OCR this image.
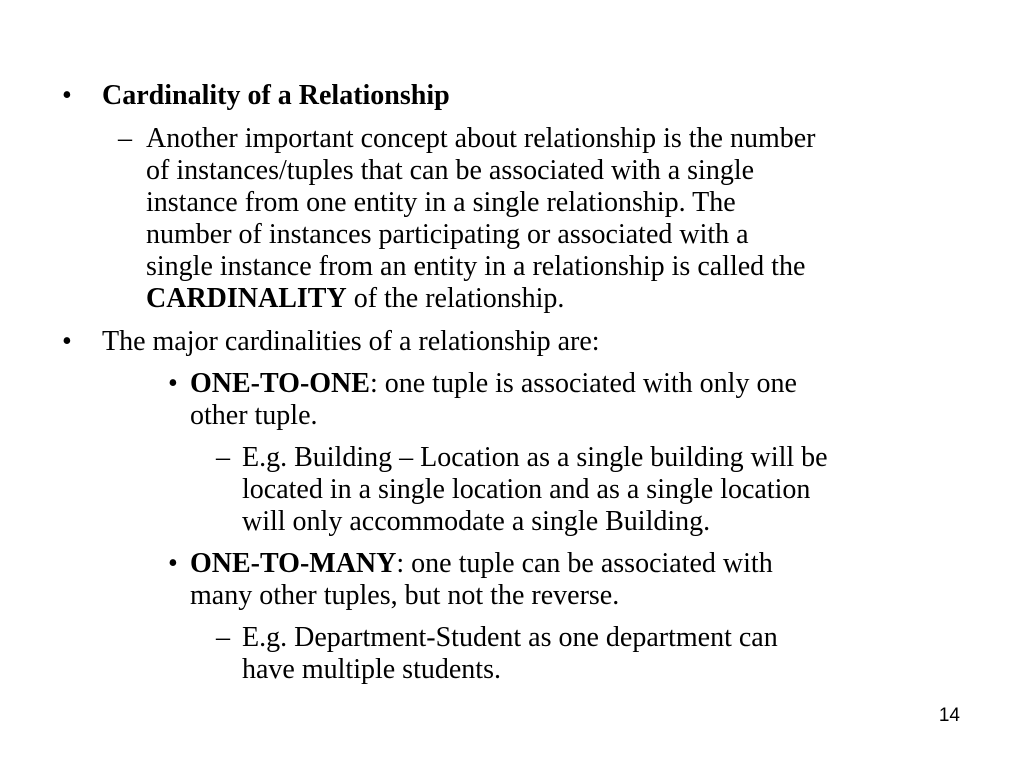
• Cardinality of a Relationship
– Another important concept about relationship is the number
of instances/tuples that can be associated with a single
instance from one entity in a single relationship. The
number of instances participating or associated with a
single instance from an entity in a relationship is called the
CARDINALITY of the relationship.
• The major cardinalities of a relationship are:
• ONE-TO-ONE: one tuple is associated with only one
other tuple.
– E.g. Building – Location as a single building will be
located in a single location and as a single location
will only accommodate a single Building.
• ONE-TO-MANY: one tuple can be associated with
many other tuples, but not the reverse.
– E.g. Department-Student as one department can
have multiple students.
14
